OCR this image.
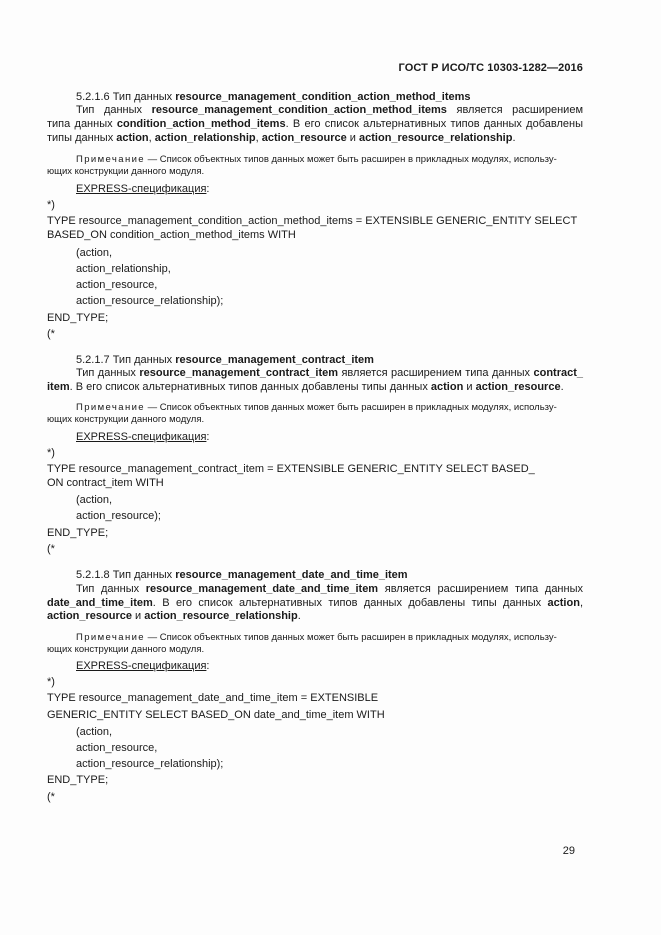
ГОСТ Р ИСО/ТС 10303-1282—2016
5.2.1.6 Тип данных resource_management_condition_action_method_items
Тип данных resource_management_condition_action_method_items является расширением
типа данных condition_action_method_items. В его список альтернативных типов данных добавлены
типы данных action, action_relationship, action_resource и action_resource_relationship.
Примечание — Список объектных типов данных может быть расширен в прикладных модулях, использу-
ющих конструкции данного модуля.
EXPRESS-спецификация:
*)
TYPE resource_management_condition_action_method_items = EXTENSIBLE GENERIC_ENTITY SELECT
BASED_ON condition_action_method_items WITH
(action,
action_relationship,
action_resource,
action_resource_relationship);
END_TYPE;
(*
5.2.1.7 Тип данных resource_management_contract_item
Тип данных resource_management_contract_item является расширением типа данных contract_
item. В его список альтернативных типов данных добавлены типы данных action и action_resource.
Примечание — Список объектных типов данных может быть расширен в прикладных модулях, использу-
ющих конструкции данного модуля.
EXPRESS-спецификация:
*)
TYPE resource_management_contract_item = EXTENSIBLE GENERIC_ENTITY SELECT BASED_
ON contract_item WITH
(action,
action_resource);
END_TYPE;
(*
5.2.1.8 Тип данных resource_management_date_and_time_item
Тип данных resource_management_date_and_time_item является расширением типа данных
date_and_time_item. В его список альтернативных типов данных добавлены типы данных action,
action_resource и action_resource_relationship.
Примечание — Список объектных типов данных может быть расширен в прикладных модулях, использу-
ющих конструкции данного модуля.
EXPRESS-спецификация:
*)
TYPE resource_management_date_and_time_item = EXTENSIBLE
GENERIC_ENTITY SELECT BASED_ON date_and_time_item WITH
(action,
action_resource,
action_resource_relationship);
END_TYPE;
(*
29
